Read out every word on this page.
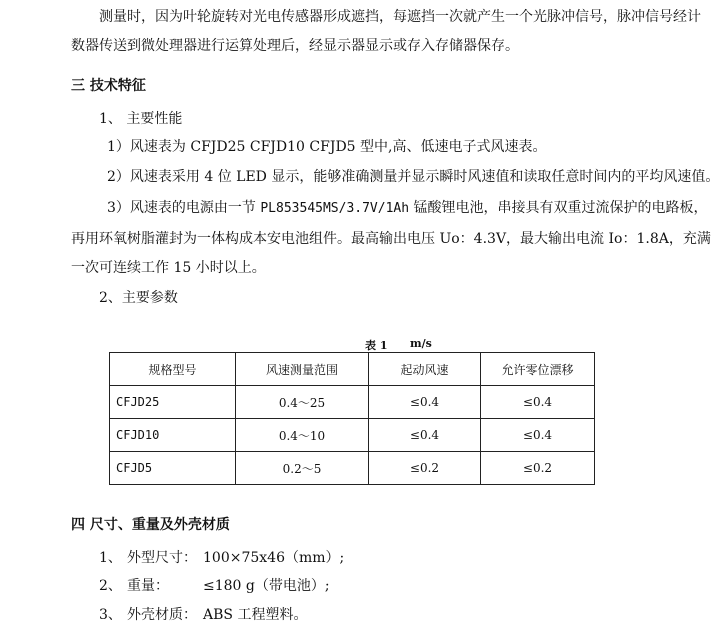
测量时，因为叶轮旋转对光电传感器形成遮挡，每遮挡一次就产生一个光脉冲信号，脉冲信号经计
数器传送到微处理器进行运算处理后，经显示器显示或存入存储器保存。
三 技术特征
1、 主要性能
1）风速表为 CFJD25 CFJD10 CFJD5 型中,高、低速电子式风速表。
2）风速表采用 4 位 LED 显示，能够准确测量并显示瞬时风速值和读取任意时间内的平均风速值。
3）风速表的电源由一节 PL853545MS/3.7V/1Ah 锰酸锂电池，串接具有双重过流保护的电路板，
再用环氧树脂灌封为一体构成本安电池组件。最高输出电压 Uo：4.3V，最大输出电流 Io：1.8A，充满
一次可连续工作 15 小时以上。
2、主要参数
表 1 m/s
规格型号	风速测量范围	起动风速	允许零位漂移
CFJD25	0.4～25	≤0.4	≤0.4
CFJD10	0.4～10	≤0.4	≤0.4
CFJD5	0.2～5	≤0.2	≤0.2
四 尺寸、重量及外壳材质
1、 外型尺寸： 100×75x46（mm）;
2、 重量： ≤180 g（带电池）;
3、 外壳材质： ABS 工程塑料。
